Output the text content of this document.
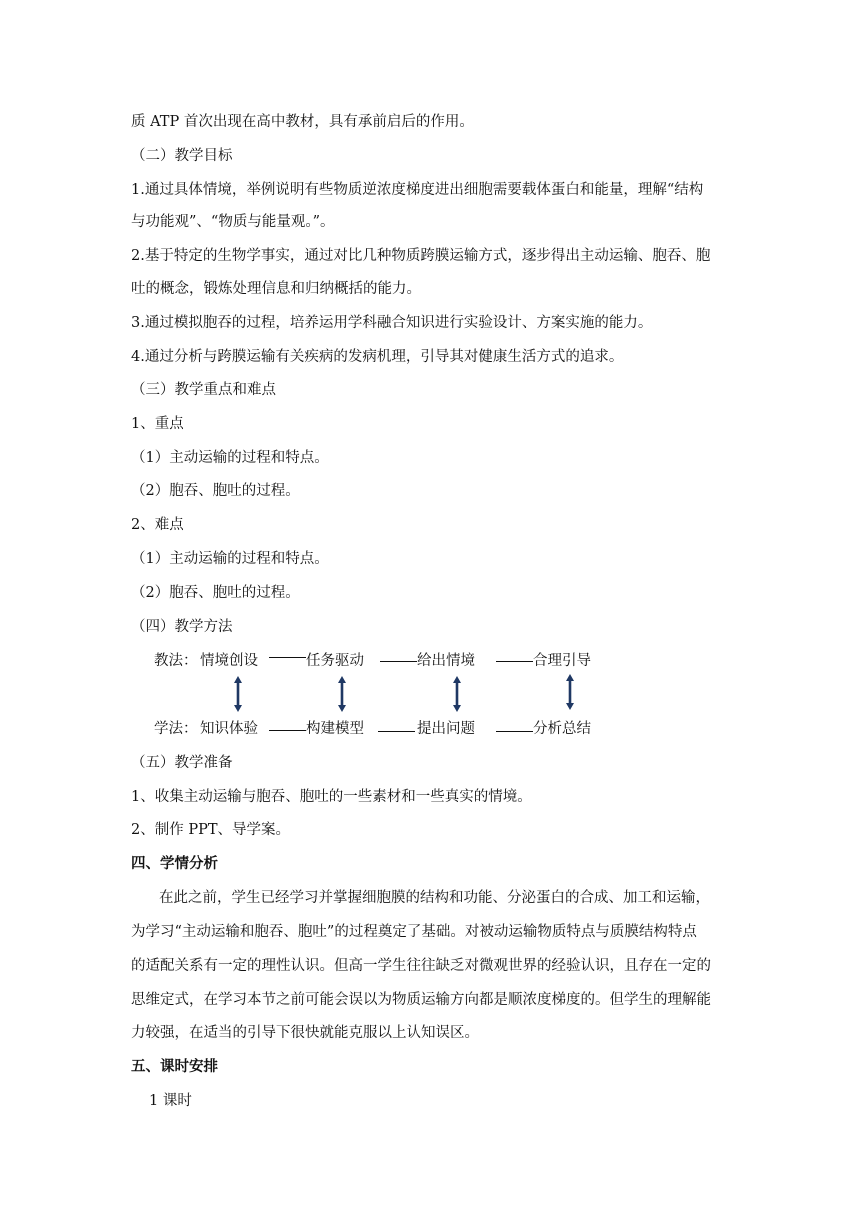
质 ATP 首次出现在高中教材，具有承前启后的作用。
（二）教学目标
1.通过具体情境，举例说明有些物质逆浓度梯度进出细胞需要载体蛋白和能量，理解“结构
与功能观”、“物质与能量观。”。
2.基于特定的生物学事实，通过对比几种物质跨膜运输方式，逐步得出主动运输、胞吞、胞
吐的概念，锻炼处理信息和归纳概括的能力。
3.通过模拟胞吞的过程，培养运用学科融合知识进行实验设计、方案实施的能力。
4.通过分析与跨膜运输有关疾病的发病机理，引导其对健康生活方式的追求。
（三）教学重点和难点
1、重点
（1）主动运输的过程和特点。
（2）胞吞、胞吐的过程。
2、难点
（1）主动运输的过程和特点。
（2）胞吞、胞吐的过程。
（四）教学方法
教法： 情境创设	任务驱动	给出情境	合理引导
学法： 知识体验	构建模型	提出问题	分析总结
（五）教学准备
1、收集主动运输与胞吞、胞吐的一些素材和一些真实的情境。
2、制作 PPT、导学案。
四、学情分析
在此之前，学生已经学习并掌握细胞膜的结构和功能、分泌蛋白的合成、加工和运输，
为学习“主动运输和胞吞、胞吐”的过程奠定了基础。对被动运输物质特点与质膜结构特点
的适配关系有一定的理性认识。但高一学生往往缺乏对微观世界的经验认识，且存在一定的
思维定式，在学习本节之前可能会误以为物质运输方向都是顺浓度梯度的。但学生的理解能
力较强，在适当的引导下很快就能克服以上认知误区。
五、课时安排
1 课时
